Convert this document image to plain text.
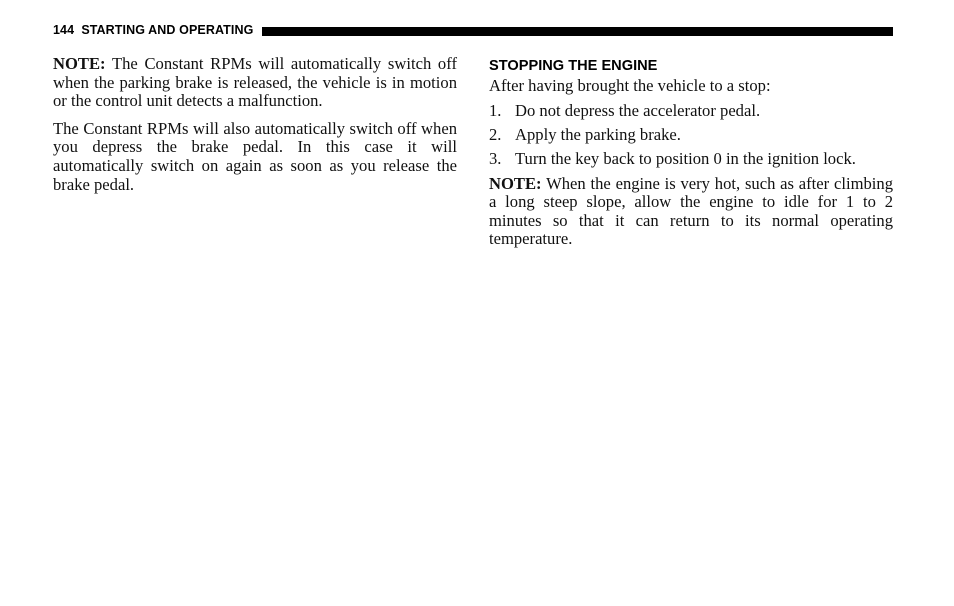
144 STARTING AND OPERATING

NOTE: The Constant RPMs will automatically switch off when the parking brake is released, the vehicle is in motion or the control unit detects a malfunction.

The Constant RPMs will also automatically switch off when you depress the brake pedal. In this case it will automatically switch on again as soon as you release the brake pedal.

STOPPING THE ENGINE

After having brought the vehicle to a stop:

1. Do not depress the accelerator pedal.
2. Apply the parking brake.
3. Turn the key back to position 0 in the ignition lock.

NOTE: When the engine is very hot, such as after climbing a long steep slope, allow the engine to idle for 1 to 2 minutes so that it can return to its normal operating temperature.
